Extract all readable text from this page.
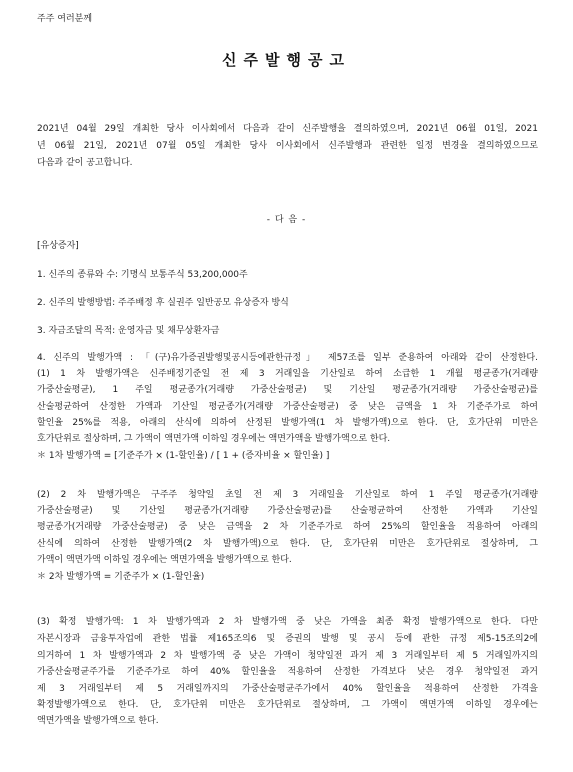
주주 여러분께
신주발행공고
2021년 04월 29일 개최한 당사 이사회에서 다음과 같이 신주발행을 결의하였으며, 2021년 06월 01일, 2021
년 06월 21일, 2021년 07월 05일 개최한 당사 이사회에서 신주발행과 관련한 일정 변경을 결의하였으므로
다음과 같이 공고합니다.
- 다 음 -
[유상증자]
1. 신주의 종류와 수: 기명식 보통주식 53,200,000주
2. 신주의 발행방법: 주주배정 후 실권주 일반공모 유상증자 방식
3. 자금조달의 목적: 운영자금 및 채무상환자금
4. 신주의 발행가액 : 「(구)유가증권발행및공시등에관한규정」 제57조를 일부 준용하여 아래와 같이 산정한다.
(1) 1 차 발행가액은 신주배정기준일 전 제 3 거래일을 기산일로 하여 소급한 1 개월 평균종가(거래량
가중산술평균), 1 주일 평균종가(거래량 가중산술평균) 및 기산일 평균종가(거래량 가중산술평균)를
산술평균하여 산정한 가액과 기산일 평균종가(거래량 가중산술평균) 중 낮은 금액을 1 차 기준주가로 하여
할인율 25%를 적용, 아래의 산식에 의하여 산정된 발행가액(1 차 발행가액)으로 한다. 단, 호가단위 미만은
호가단위로 절상하며, 그 가액이 액면가액 이하일 경우에는 액면가액을 발행가액으로 한다.
＊ 1차 발행가액 = [기준주가 × (1-할인율) / [ 1 + (증자비율 × 할인율) ]
(2) 2 차 발행가액은 구주주 청약일 초일 전 제 3 거래일을 기산일로 하여 1 주일 평균종가(거래량
가중산술평균) 및 기산일 평균종가(거래량 가중산술평균)를 산술평균하여 산정한 가액과 기산일
평균종가(거래량 가중산술평균) 중 낮은 금액을 2 차 기준주가로 하여 25%의 할인율을 적용하여 아래의
산식에 의하여 산정한 발행가액(2 차 발행가액)으로 한다. 단, 호가단위 미만은 호가단위로 절상하며, 그
가액이 액면가액 이하일 경우에는 액면가액을 발행가액으로 한다.
＊ 2차 발행가액 = 기준주가 × (1-할인율)
(3) 확정 발행가액: 1 차 발행가액과 2 차 발행가액 중 낮은 가액을 최종 확정 발행가액으로 한다. 다만
자본시장과 금융투자업에 관한 법률 제165조의6 및 증권의 발행 및 공시 등에 관한 규정 제5-15조의2에
의거하여 1 차 발행가액과 2 차 발행가액 중 낮은 가액이 청약일전 과거 제 3 거래일부터 제 5 거래일까지의
가중산술평균주가를 기준주가로 하여 40% 할인율을 적용하여 산정한 가격보다 낮은 경우 청약일전 과거
제 3 거래일부터 제 5 거래일까지의 가중산술평균주가에서 40% 할인율을 적용하여 산정한 가격을
확정발행가액으로 한다. 단, 호가단위 미만은 호가단위로 절상하며, 그 가액이 액면가액 이하일 경우에는
액면가액을 발행가액으로 한다.
